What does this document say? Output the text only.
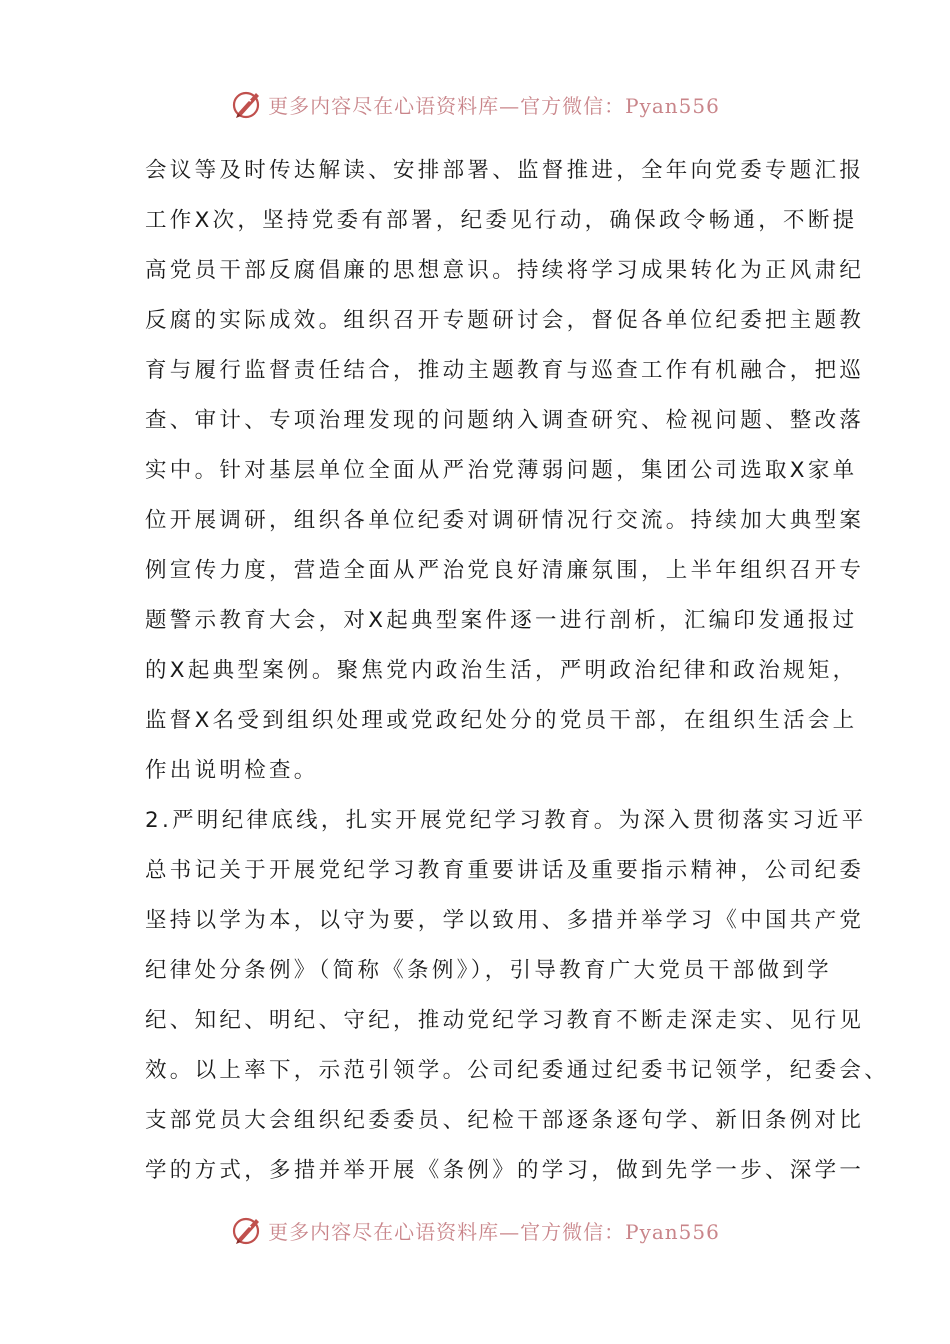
更多内容尽在心语资料库—官方微信：Pyan556
会议等及时传达解读、安排部署、监督推进，全年向党委专题汇报
工作X次，坚持党委有部署，纪委见行动，确保政令畅通，不断提
高党员干部反腐倡廉的思想意识。持续将学习成果转化为正风肃纪
反腐的实际成效。组织召开专题研讨会，督促各单位纪委把主题教
育与履行监督责任结合，推动主题教育与巡查工作有机融合，把巡
查、审计、专项治理发现的问题纳入调查研究、检视问题、整改落
实中。针对基层单位全面从严治党薄弱问题，集团公司选取X家单
位开展调研，组织各单位纪委对调研情况行交流。持续加大典型案
例宣传力度，营造全面从严治党良好清廉氛围，上半年组织召开专
题警示教育大会，对X起典型案件逐一进行剖析，汇编印发通报过
的X起典型案例。聚焦党内政治生活，严明政治纪律和政治规矩，
监督X名受到组织处理或党政纪处分的党员干部，在组织生活会上
作出说明检查。
2.严明纪律底线，扎实开展党纪学习教育。为深入贯彻落实习近平
总书记关于开展党纪学习教育重要讲话及重要指示精神，公司纪委
坚持以学为本，以守为要，学以致用、多措并举学习《中国共产党
纪律处分条例》（简称《条例》），引导教育广大党员干部做到学
纪、知纪、明纪、守纪，推动党纪学习教育不断走深走实、见行见
效。以上率下，示范引领学。公司纪委通过纪委书记领学，纪委会、
支部党员大会组织纪委委员、纪检干部逐条逐句学、新旧条例对比
学的方式，多措并举开展《条例》的学习，做到先学一步、深学一
更多内容尽在心语资料库—官方微信：Pyan556
